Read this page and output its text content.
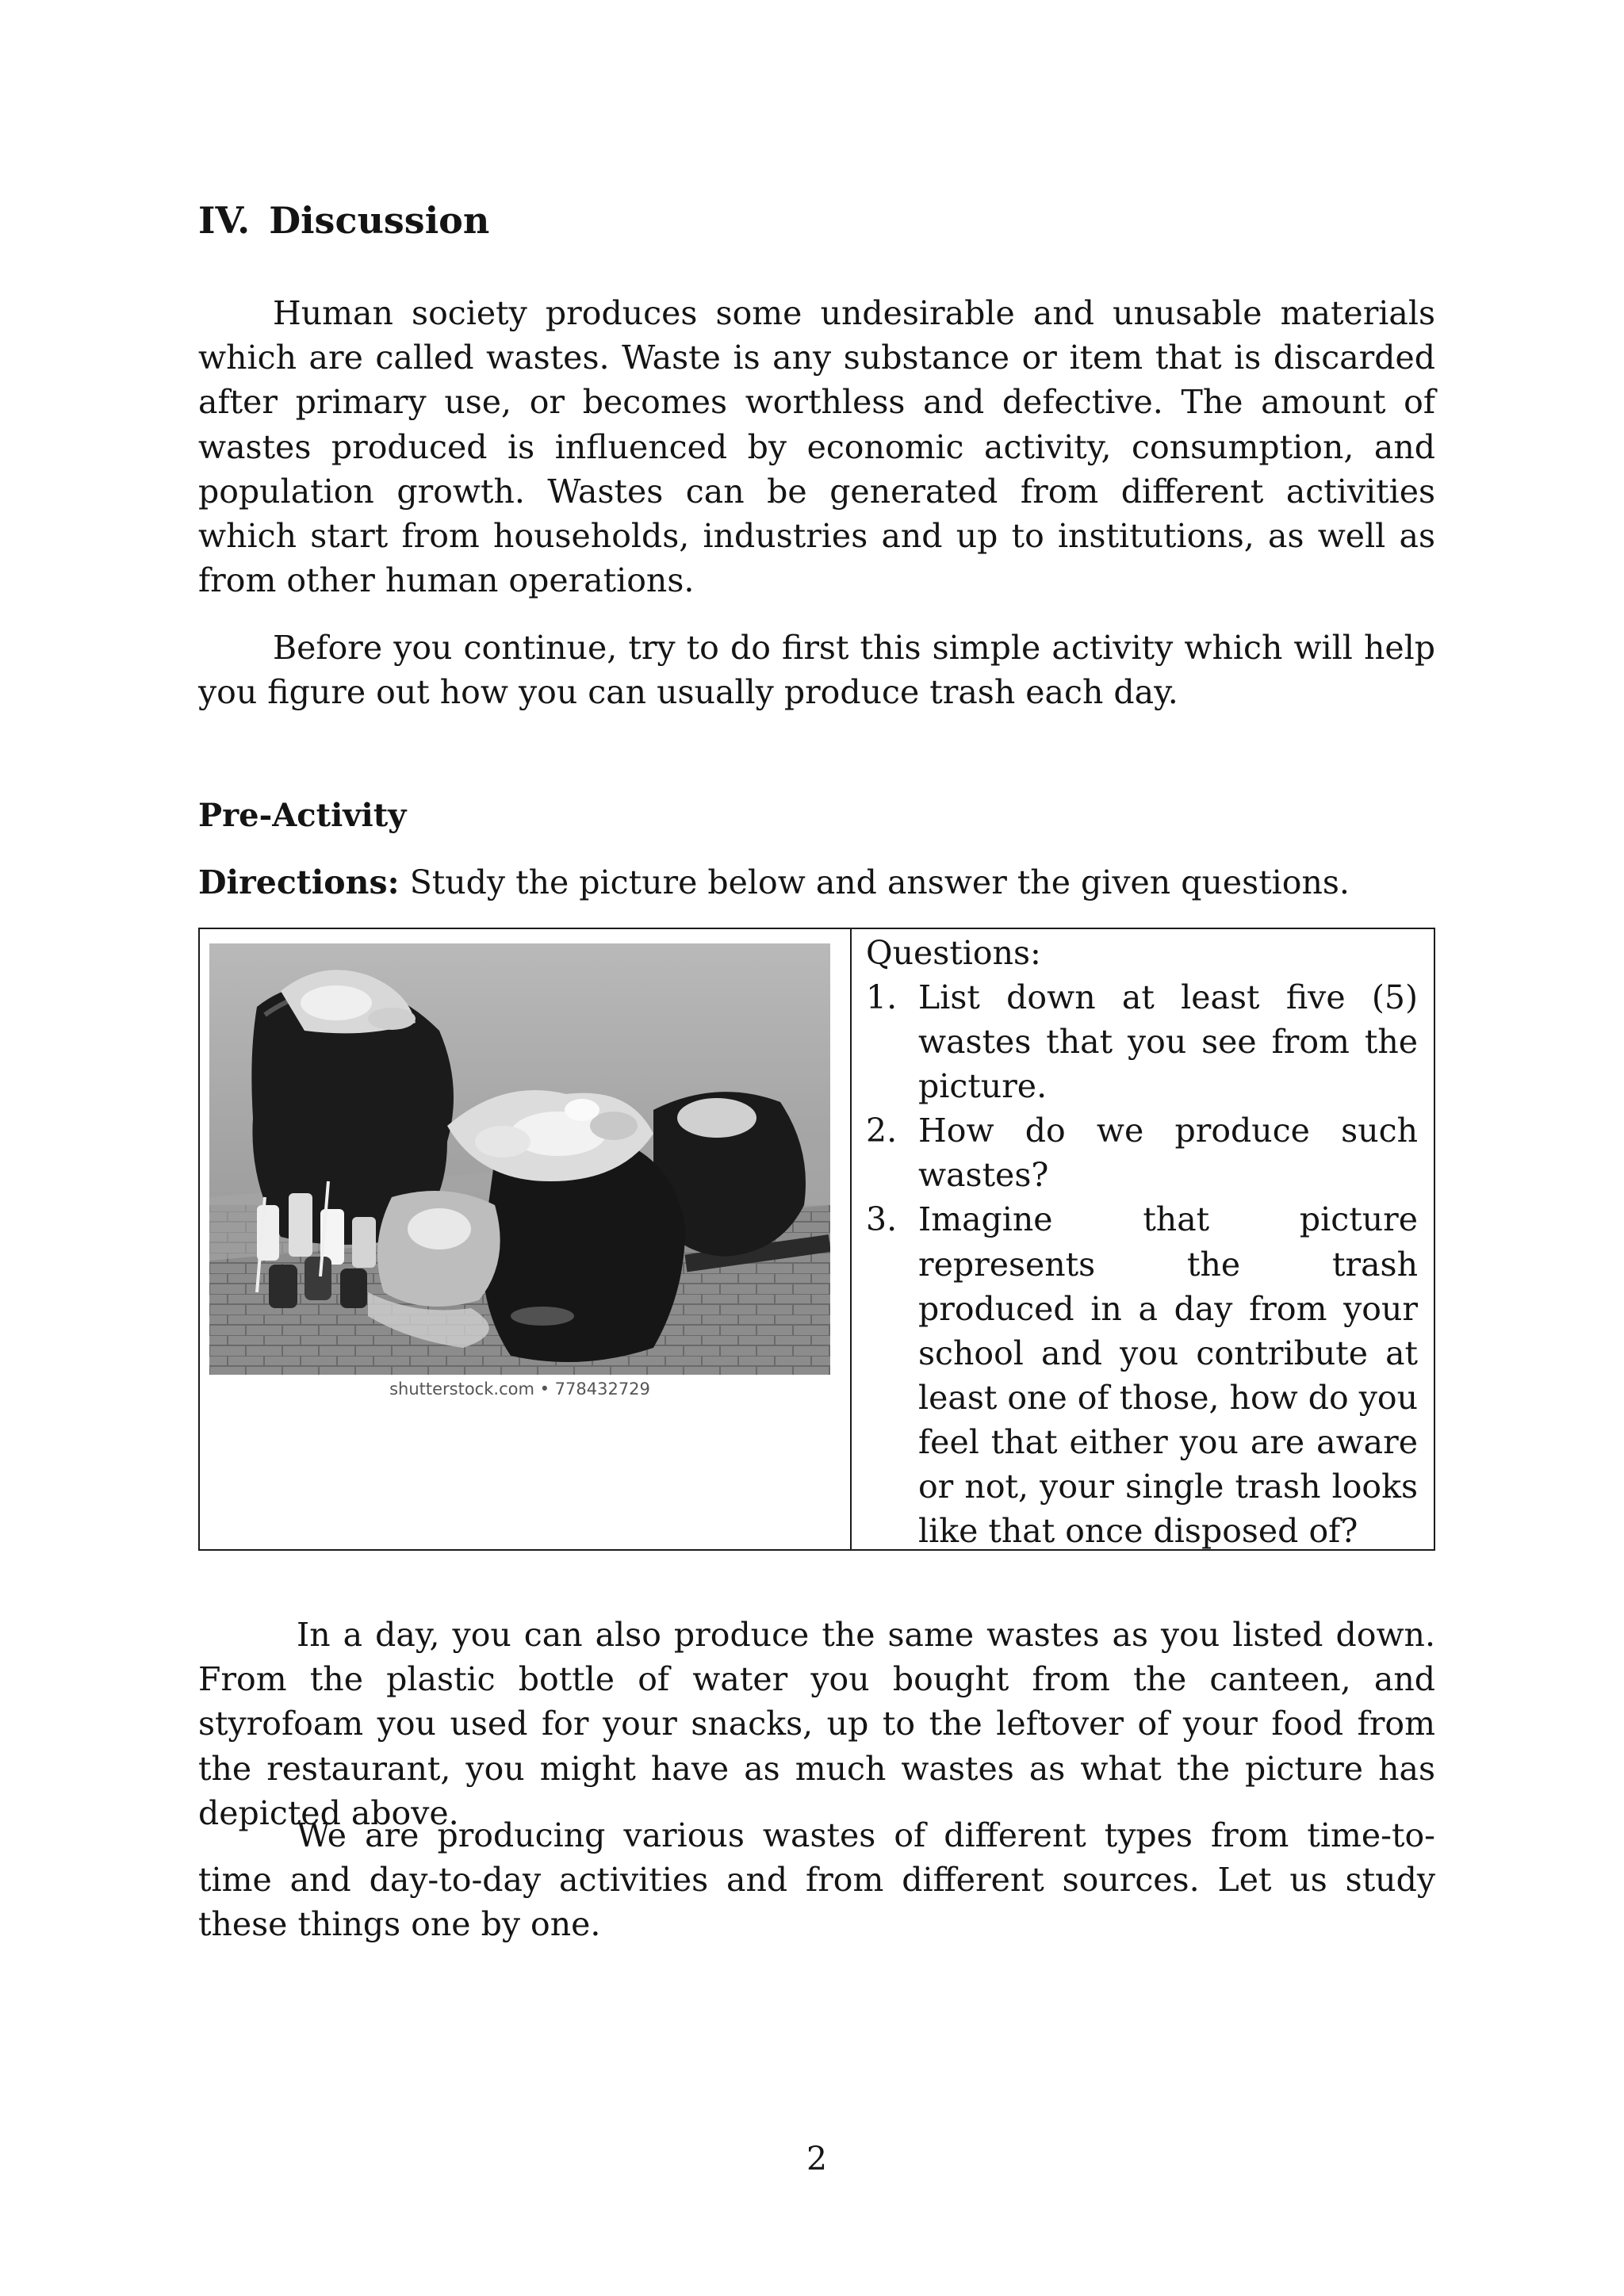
IV. Discussion

Human society produces some undesirable and unusable materials which are called wastes. Waste is any substance or item that is discarded after primary use, or becomes worthless and defective. The amount of wastes produced is influenced by economic activity, consumption, and population growth. Wastes can be generated from different activities which start from households, industries and up to institutions, as well as from other human operations.

Before you continue, try to do first this simple activity which will help you figure out how you can usually produce trash each day.

Pre-Activity

Directions: Study the picture below and answer the given questions.

shutterstock.com • 778432729

Questions:

1. List down at least five (5) wastes that you see from the picture.
2. How do we produce such wastes?
3. Imagine that picture represents the trash produced in a day from your school and you contribute at least one of those, how do you feel that either you are aware or not, your single trash looks like that once disposed of?

In a day, you can also produce the same wastes as you listed down. From the plastic bottle of water you bought from the canteen, and styrofoam you used for your snacks, up to the leftover of your food from the restaurant, you might have as much wastes as what the picture has depicted above.

We are producing various wastes of different types from time-to-time and day-to-day activities and from different sources. Let us study these things one by one.

2
